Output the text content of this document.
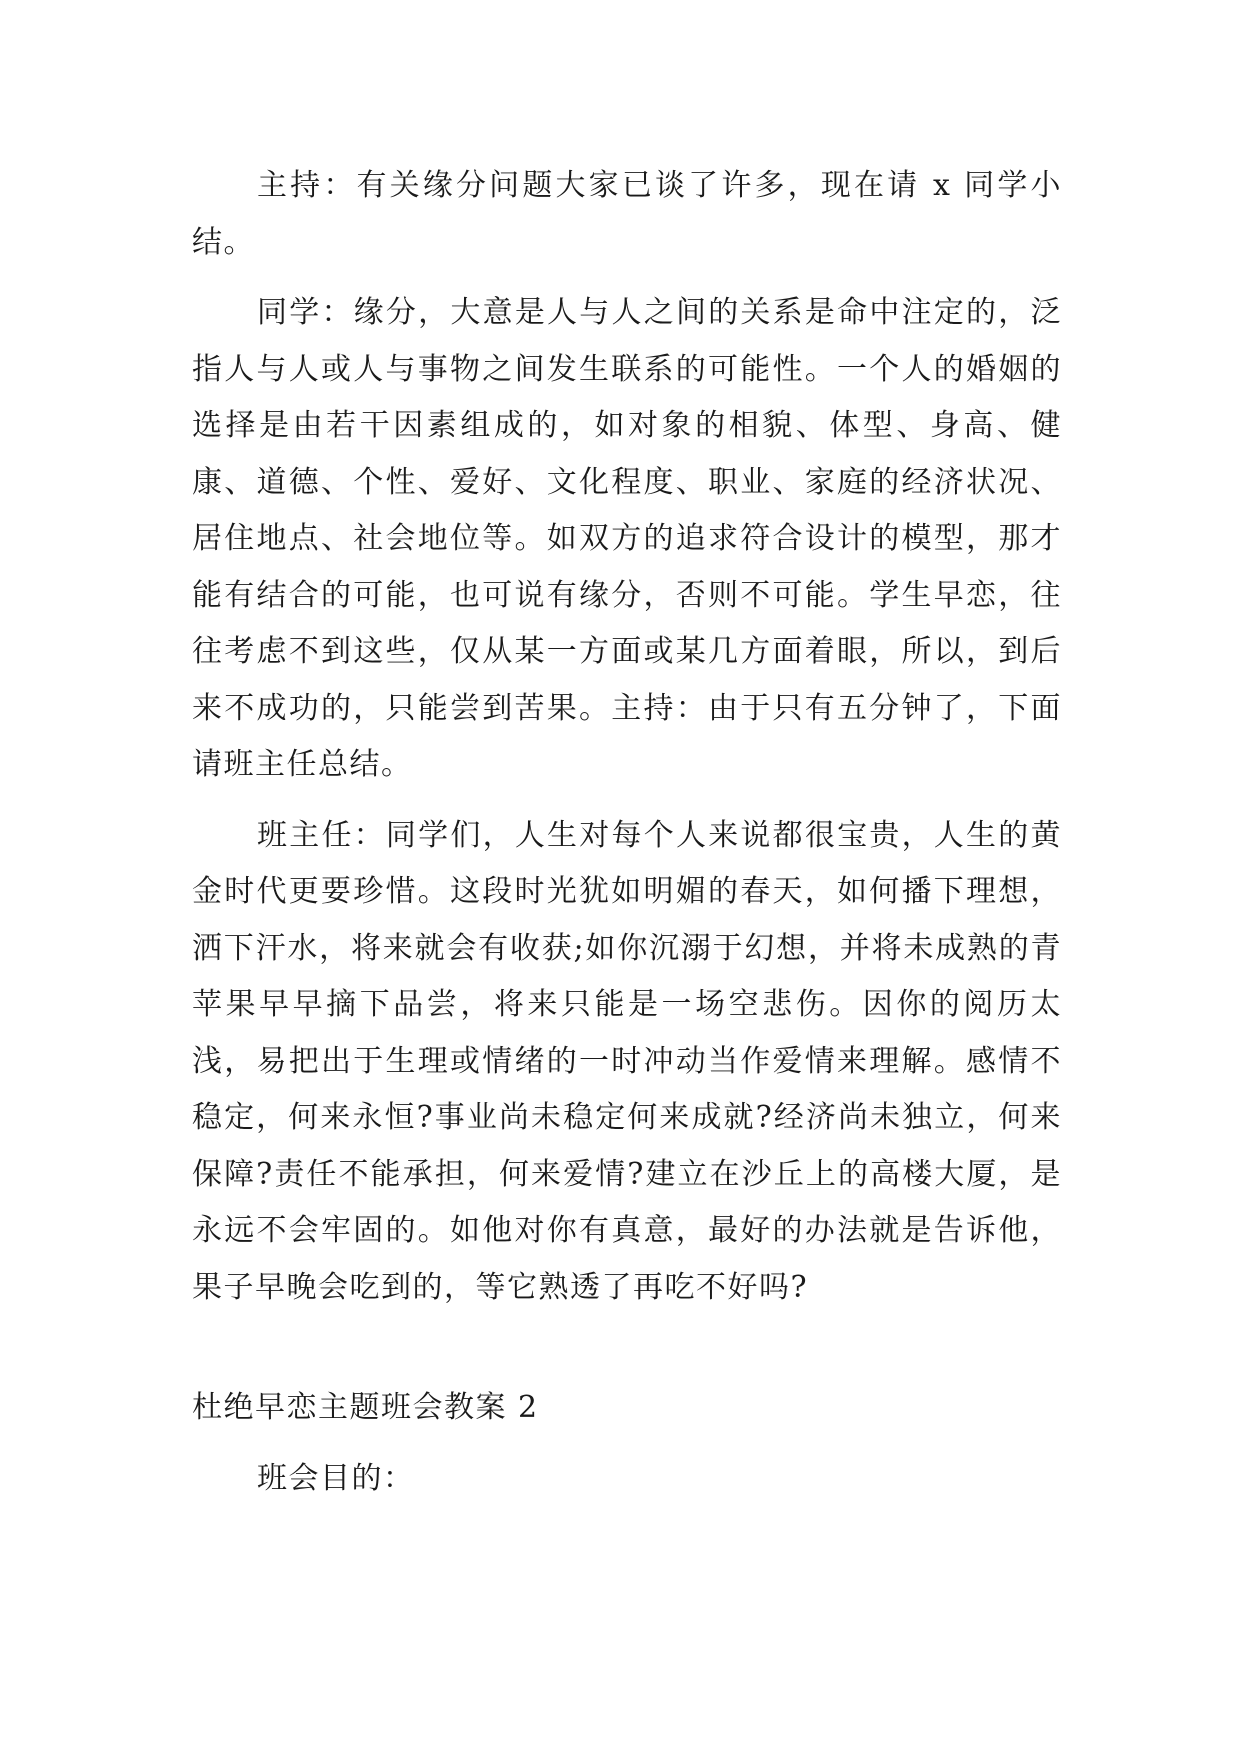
主持：有关缘分问题大家已谈了许多，现在请 x 同学小结。

同学：缘分，大意是人与人之间的关系是命中注定的，泛指人与人或人与事物之间发生联系的可能性。一个人的婚姻的选择是由若干因素组成的，如对象的相貌、体型、身高、健康、道德、个性、爱好、文化程度、职业、家庭的经济状况、居住地点、社会地位等。如双方的追求符合设计的模型，那才能有结合的可能，也可说有缘分，否则不可能。学生早恋，往往考虑不到这些，仅从某一方面或某几方面着眼，所以，到后来不成功的，只能尝到苦果。主持：由于只有五分钟了，下面请班主任总结。

班主任：同学们，人生对每个人来说都很宝贵，人生的黄金时代更要珍惜。这段时光犹如明媚的春天，如何播下理想，洒下汗水，将来就会有收获;如你沉溺于幻想，并将未成熟的青苹果早早摘下品尝，将来只能是一场空悲伤。因你的阅历太浅，易把出于生理或情绪的一时冲动当作爱情来理解。感情不稳定，何来永恒?事业尚未稳定何来成就?经济尚未独立，何来保障?责任不能承担，何来爱情?建立在沙丘上的高楼大厦，是永远不会牢固的。如他对你有真意，最好的办法就是告诉他，果子早晚会吃到的，等它熟透了再吃不好吗?

杜绝早恋主题班会教案 2
班会目的：
